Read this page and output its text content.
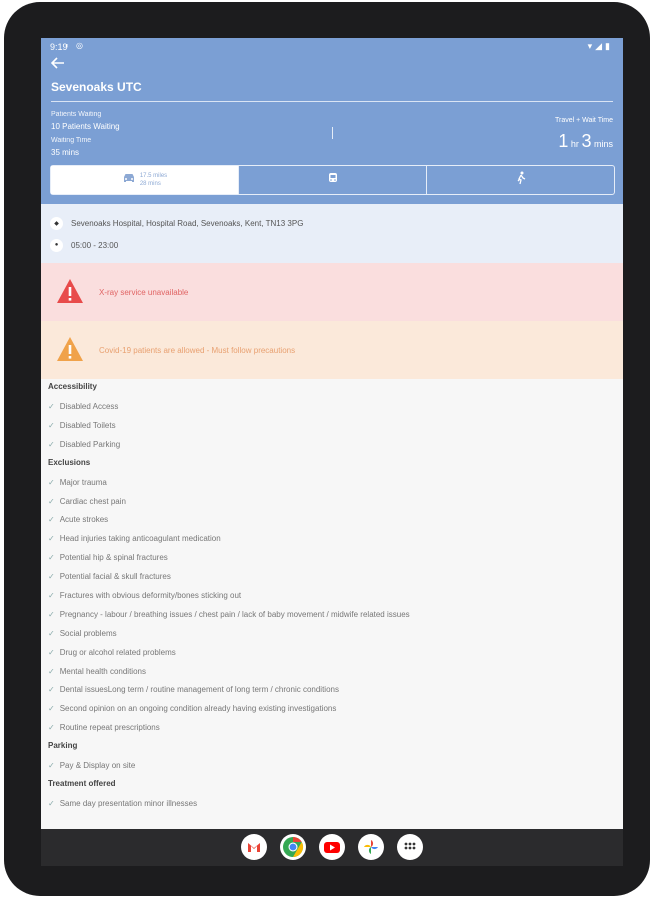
9:19
◐ ◎	▾◢▮
Sevenoaks UTC
Patients Waiting
10 Patients Waiting
Waiting Time
35 mins
Travel + Wait Time
1 hr 3 mins
17.5 miles
28 mins
◆	Sevenoaks Hospital, Hospital Road, Sevenoaks, Kent, TN13 3PG
●	05:00 - 23:00
X-ray service unavailable
Covid-19 patients are allowed - Must follow precautions
Accessibility
✓ Disabled Access
✓ Disabled Toilets
✓ Disabled Parking
Exclusions
✓ Major trauma
✓ Cardiac chest pain
✓ Acute strokes
✓ Head injuries taking anticoagulant medication
✓ Potential hip & spinal fractures
✓ Potential facial & skull fractures
✓ Fractures with obvious deformity/bones sticking out
✓ Pregnancy - labour / breathing issues / chest pain / lack of baby movement / midwife related issues
✓ Social problems
✓ Drug or alcohol related problems
✓ Mental health conditions
✓ Dental issuesLong term / routine management of long term / chronic conditions
✓ Second opinion on an ongoing condition already having existing investigations
✓ Routine repeat prescriptions
Parking
✓ Pay & Display on site
Treatment offered
✓ Same day presentation minor illnesses
